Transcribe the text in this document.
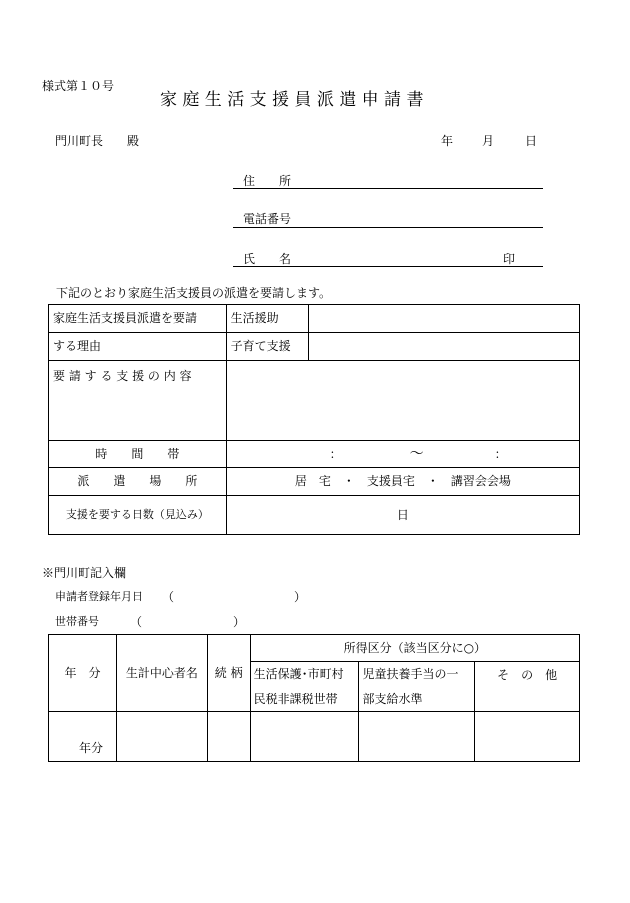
様式第１０号
家 庭 生 活 支 援 員 派 遣 申 請 書
門川町長　　殿	年 月	日
住　　所
電話番号
氏　　名	印
下記のとおり家庭生活支援員の派遣を要請します。
家庭生活支援員派遣を要請	生活援助	
する理由	子育て支援	
要 請 す る 支 援 の 内 容		
時　　間　　帯	： ～ ：	

派　　遣　　場　　所	居　宅　・　支援員宅　・　講習会会場	
支援を要する日数（見込み）	日	
※門川町記入欄
申請者登録年月日 （	）
世帯番号	（	）
年　分	生計中心者名	続 柄	所得区分（該当区分に○）		
			生活保護･市町村	児童扶養手当の一	そ　の　他
			民税非課税世帯	部支給水準	
年分					
